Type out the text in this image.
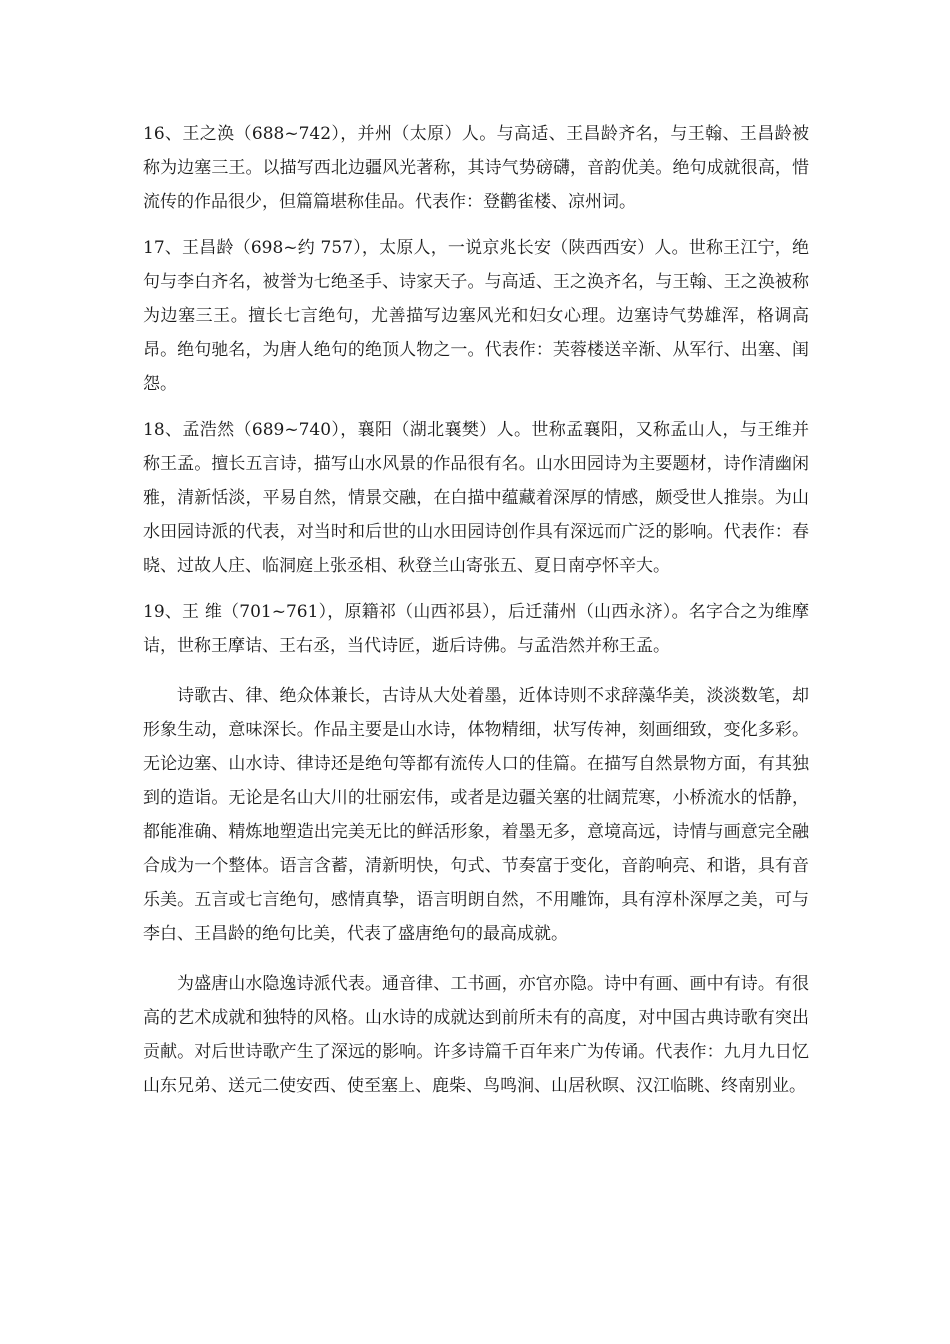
16、王之涣（688~742），并州（太原）人。与高适、王昌龄齐名，与王翰、王昌龄被称为边塞三王。以描写西北边疆风光著称，其诗气势磅礴，音韵优美。绝句成就很高，惜流传的作品很少，但篇篇堪称佳品。代表作：登鹳雀楼、凉州词。

17、王昌龄（698~约 757），太原人，一说京兆长安（陕西西安）人。世称王江宁，绝句与李白齐名，被誉为七绝圣手、诗家天子。与高适、王之涣齐名，与王翰、王之涣被称为边塞三王。擅长七言绝句，尤善描写边塞风光和妇女心理。边塞诗气势雄浑，格调高昂。绝句驰名，为唐人绝句的绝顶人物之一。代表作：芙蓉楼送辛渐、从军行、出塞、闺怨。

18、孟浩然（689~740），襄阳（湖北襄樊）人。世称孟襄阳，又称孟山人，与王维并称王孟。擅长五言诗，描写山水风景的作品很有名。山水田园诗为主要题材，诗作清幽闲雅，清新恬淡，平易自然，情景交融，在白描中蕴藏着深厚的情感，颇受世人推崇。为山水田园诗派的代表，对当时和后世的山水田园诗创作具有深远而广泛的影响。代表作：春晓、过故人庄、临洞庭上张丞相、秋登兰山寄张五、夏日南亭怀辛大。

19、王 维（701~761），原籍祁（山西祁县），后迁蒲州（山西永济）。名字合之为维摩诘，世称王摩诘、王右丞，当代诗匠，逝后诗佛。与孟浩然并称王孟。

诗歌古、律、绝众体兼长，古诗从大处着墨，近体诗则不求辞藻华美，淡淡数笔，却形象生动，意味深长。作品主要是山水诗，体物精细，状写传神，刻画细致，变化多彩。无论边塞、山水诗、律诗还是绝句等都有流传人口的佳篇。在描写自然景物方面，有其独到的造诣。无论是名山大川的壮丽宏伟，或者是边疆关塞的壮阔荒寒，小桥流水的恬静，都能准确、精炼地塑造出完美无比的鲜活形象，着墨无多，意境高远，诗情与画意完全融合成为一个整体。语言含蓄，清新明快，句式、节奏富于变化，音韵响亮、和谐，具有音乐美。五言或七言绝句，感情真挚，语言明朗自然，不用雕饰，具有淳朴深厚之美，可与李白、王昌龄的绝句比美，代表了盛唐绝句的最高成就。

为盛唐山水隐逸诗派代表。通音律、工书画，亦官亦隐。诗中有画、画中有诗。有很高的艺术成就和独特的风格。山水诗的成就达到前所未有的高度，对中国古典诗歌有突出贡献。对后世诗歌产生了深远的影响。许多诗篇千百年来广为传诵。代表作：九月九日忆山东兄弟、送元二使安西、使至塞上、鹿柴、鸟鸣涧、山居秋暝、汉江临眺、终南别业。
